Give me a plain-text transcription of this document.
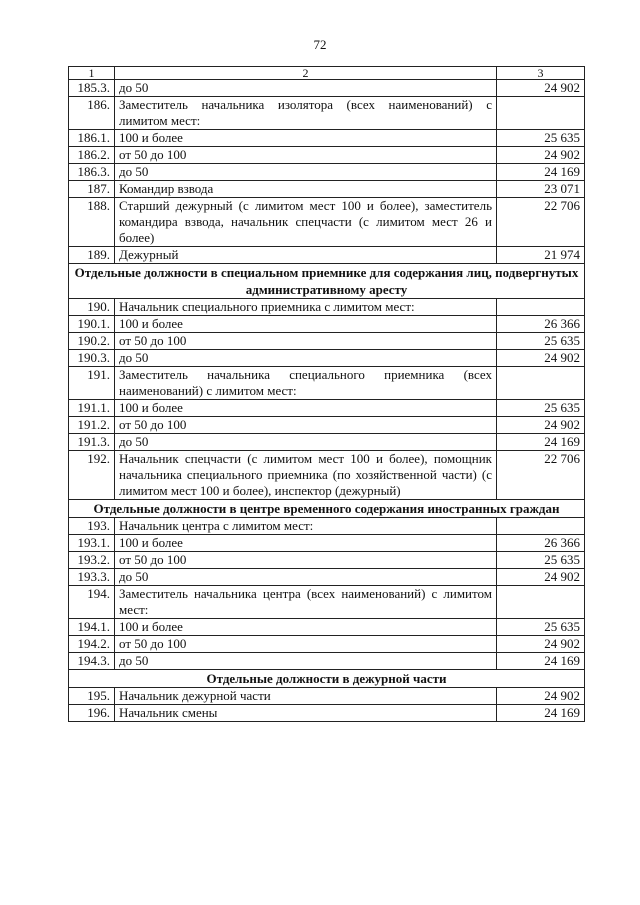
72
1	2	3
185.3.	до 50	24 902
186.	Заместитель начальника изолятора (всех наименований) с лимитом мест:	
186.1.	100 и более	25 635
186.2.	от 50 до 100	24 902
186.3.	до 50	24 169
187.	Командир взвода	23 071
188.	Старший дежурный (с лимитом мест 100 и более), заместитель командира взвода, начальник спецчасти (с лимитом мест 26 и более)	22 706
189.	Дежурный	21 974
Отдельные должности в специальном приемнике для содержания лиц, подвергнутых административному аресту		
190.	Начальник специального приемника с лимитом мест:	
190.1.	100 и более	26 366
190.2.	от 50 до 100	25 635
190.3.	до 50	24 902
191.	Заместитель начальника специального приемника (всех наименований) с лимитом мест:	
191.1.	100 и более	25 635
191.2.	от 50 до 100	24 902
191.3.	до 50	24 169
192.	Начальник спецчасти (с лимитом мест 100 и более), помощник начальника специального приемника (по хозяйственной части) (с лимитом мест 100 и более), инспектор (дежурный)	22 706
Отдельные должности в центре временного содержания иностранных граждан		
193.	Начальник центра с лимитом мест:	
193.1.	100 и более	26 366
193.2.	от 50 до 100	25 635
193.3.	до 50	24 902
194.	Заместитель начальника центра (всех наименований) с лимитом мест:	
194.1.	100 и более	25 635
194.2.	от 50 до 100	24 902
194.3.	до 50	24 169
Отдельные должности в дежурной части		
195.	Начальник дежурной части	24 902
196.	Начальник смены	24 169
